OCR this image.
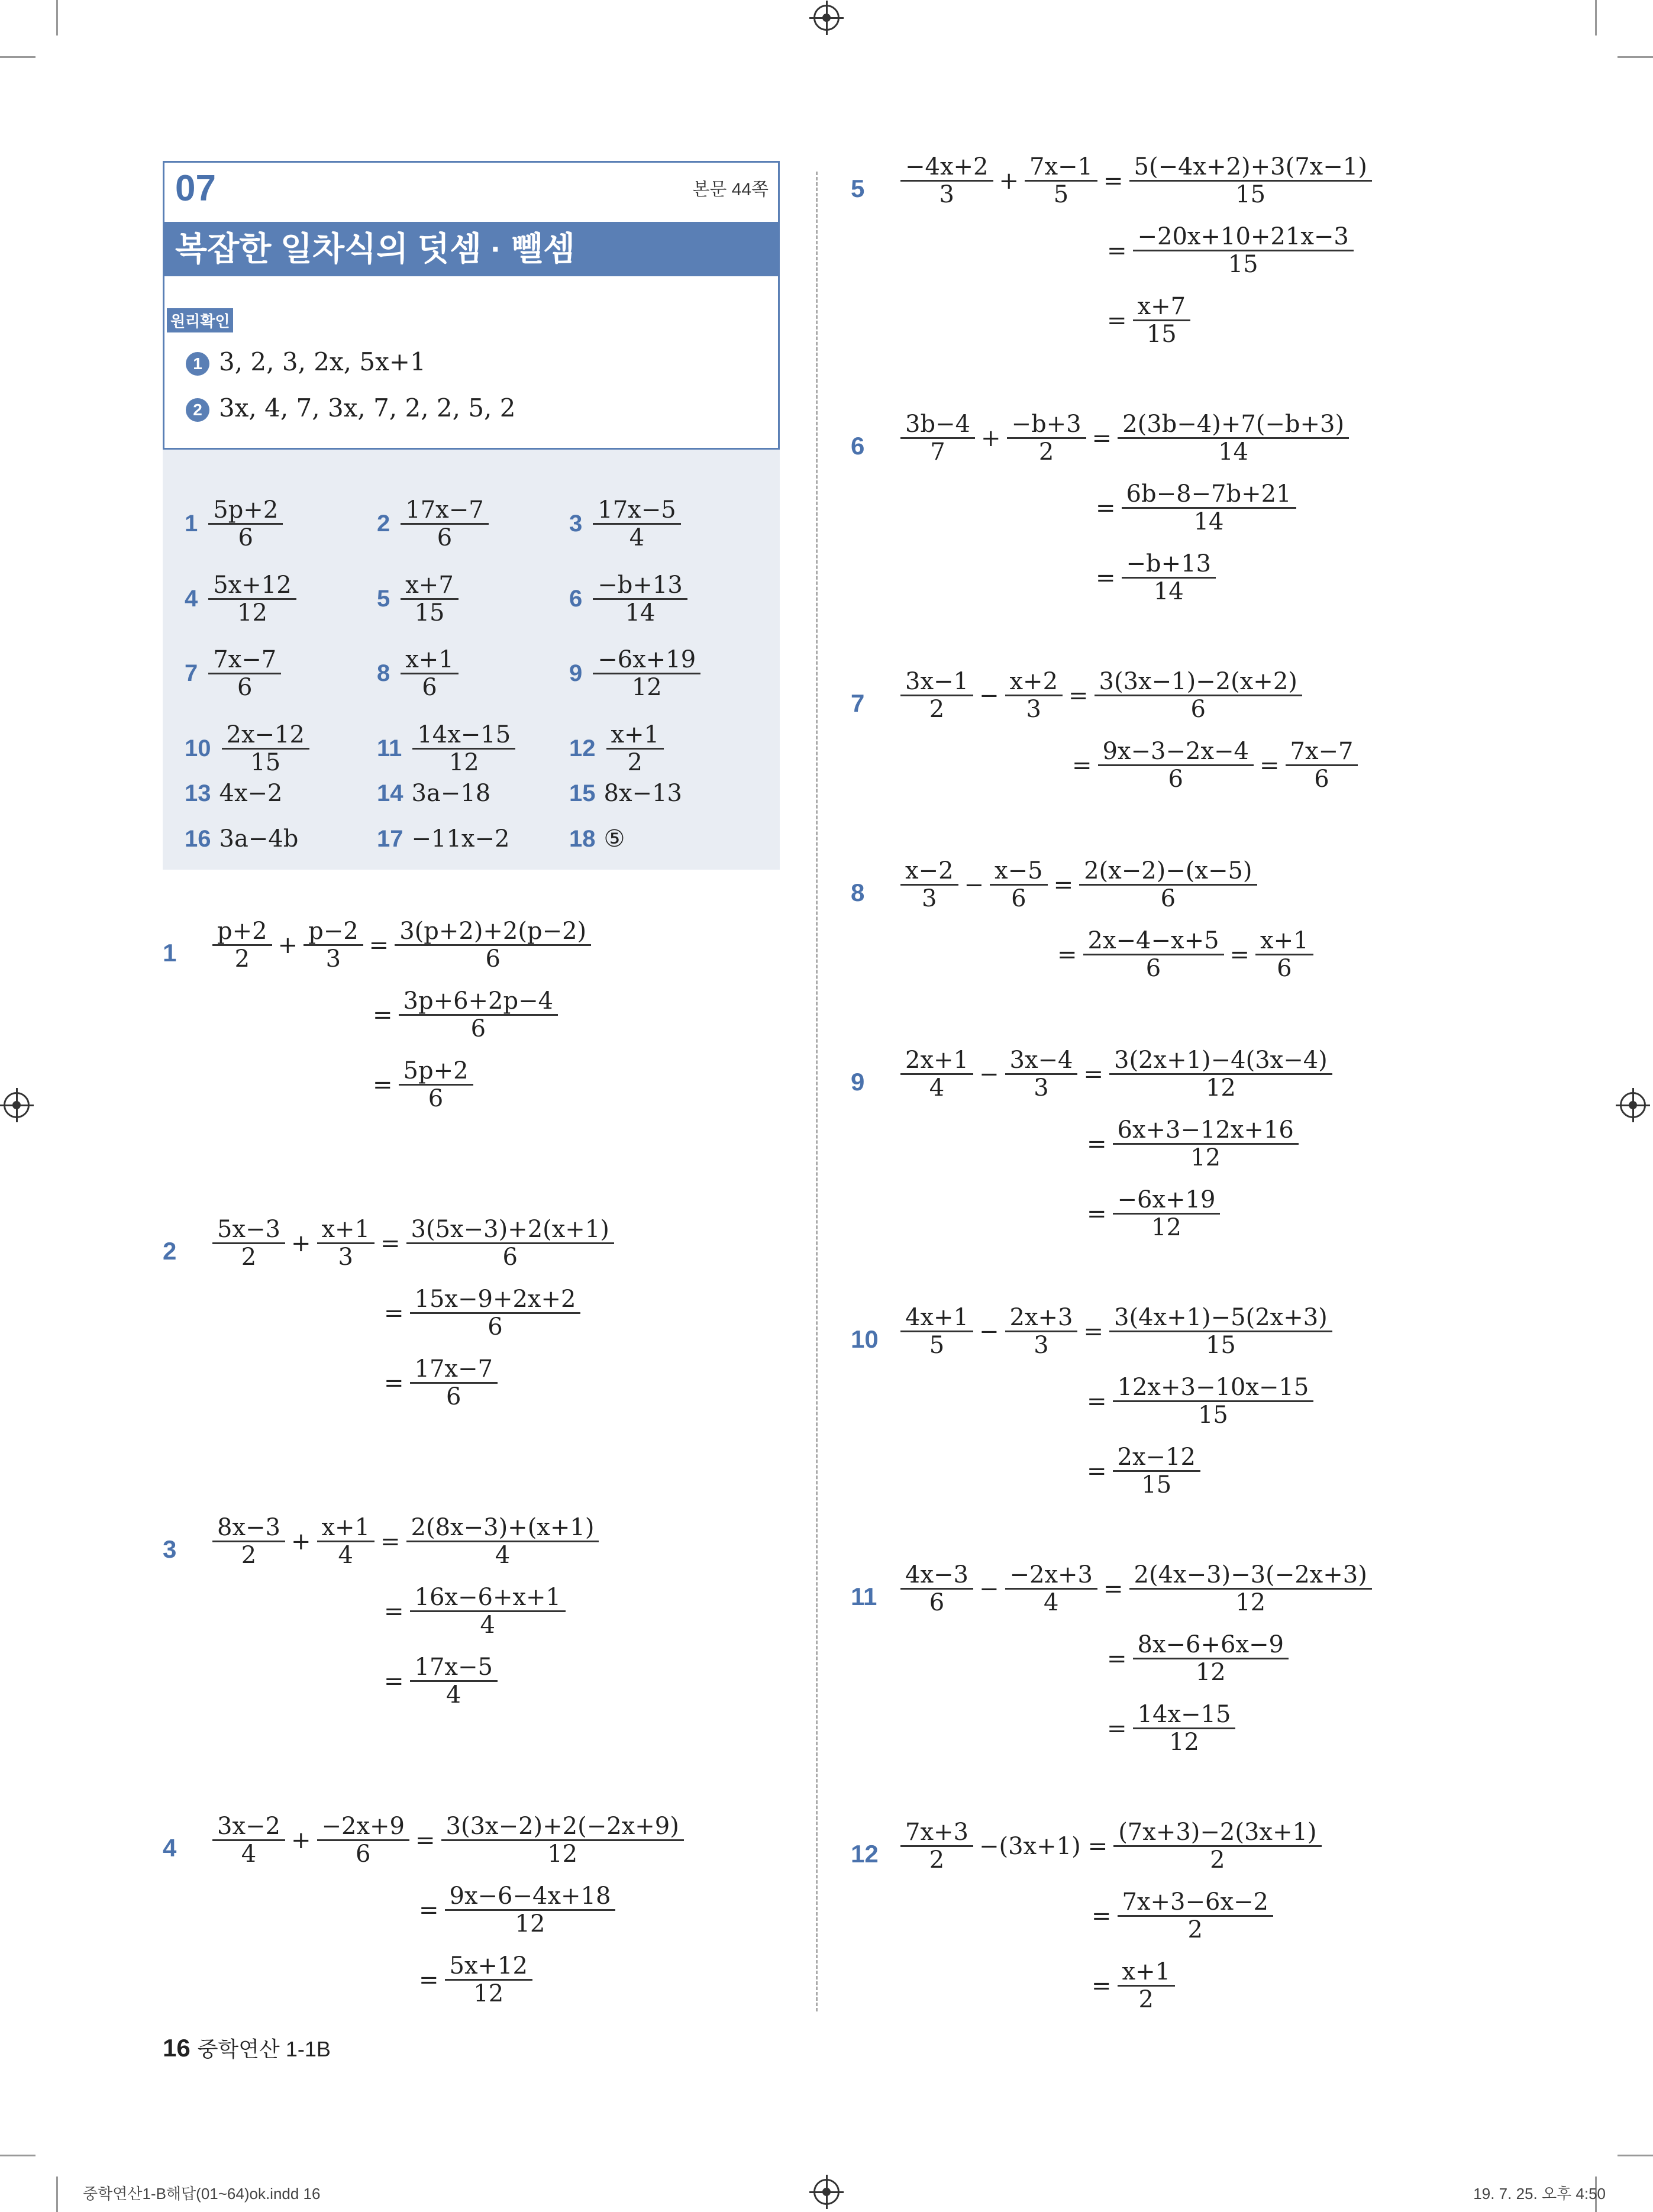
07	본문 44쪽
복잡한 일차식의 덧셈 · 뺄셈
원리확인
1 3, 2, 3, 2x, 5x+1
2 3x, 4, 7, 3x, 7, 2, 2, 5, 2
16 중학연산 1-1B
중학연산1-B해답(01~64)ok.indd 16	19. 7. 25. 오후 4:50
$1 \frac{5p+2}{6}$	$2 \frac{17x-7}{6}$	$3 \frac{17x-5}{4}$
$4 \frac{5x+12}{12}$	$5 \frac{x+7}{15}$	$6 \frac{-b+13}{14}$
$7 \frac{7x-7}{6}$	$8 \frac{x+1}{6}$	$9 \frac{-6x+19}{12}$
$10 \frac{2x-12}{15}$	$11 \frac{14x-15}{12} 12 \frac{x+1}{2}$
13 4x−2	14 3a−18	15 8x−13
16 3a−4b	17 −11x−2	18 ⑤
$1 \frac{p+2}{2} + \frac{p-2}{3} = \frac{3(p+2)+2(p-2)}{6}$
= $\frac{3p+6+2p-4}{6}$
= $\frac{5p+2}{6}$
$2 \frac{5x-3}{2} + \frac{x+1}{3} = \frac{3(5x-3)+2(x+1)}{6}$
= $\frac{15x-9+2x+2}{6}$
= $\frac{17x-7}{6}$
$3 \frac{8x-3}{2} + \frac{x+1}{4} = \frac{2(8x-3)+(x+1)}{4}$
= $\frac{16x-6+x+1}{4}$
= $\frac{17x-5}{4}$
$4 \frac{3x-2}{4} + \frac{-2x+9}{6} = \frac{3(3x-2)+2(-2x+9)}{12}$
= $\frac{9x-6-4x+18}{12}$
= $\frac{5x+12}{12}$
$5 \frac{-4x+2}{3} + \frac{7x-1}{5} = \frac{5(-4x+2)+3(7x-1)}{15}$
= $\frac{-20x+10+21x-3}{15}$
= $\frac{x+7}{15}$
$6 \frac{3b-4}{7} + \frac{-b+3}{2} = \frac{2(3b-4)+7(-b+3)}{14}$
= $\frac{6b-8-7b+21}{14}$
= $\frac{-b+13}{14}$
$7 \frac{3x-1}{2} - \frac{x+2}{3} = \frac{3(3x-1)-2(x+2)}{6}$
= $\frac{9x-3-2x-4}{6} = \frac{7x-7}{6}$
$8 \frac{x-2}{3} - \frac{x-5}{6} = \frac{2(x-2)-(x-5)}{6}$
= $\frac{2x-4-x+5}{6} = \frac{x+1}{6}$
$9 \frac{2x+1}{4} - \frac{3x-4}{3} = \frac{3(2x+1)-4(3x-4)}{12}$
= $\frac{6x+3-12x+16}{12}$
= $\frac{-6x+19}{12}$
$10 \frac{4x+1}{5} - \frac{2x+3}{3} = \frac{3(4x+1)-5(2x+3)}{15}$
= $\frac{12x+3-10x-15}{15}$
= $\frac{2x-12}{15}$
$11 \frac{4x-3}{6} - \frac{-2x+3}{4} = \frac{2(4x-3)-3(-2x+3)}{12}$
= $\frac{8x-6+6x-9}{12}$
= $\frac{14x-15}{12}$
$12 \frac{7x+3}{2} -(3x+1) = \frac{(7x+3)-2(3x+1)}{2}$
= $\frac{7x+3-6x-2}{2}$
= $\frac{x+1}{2}$
